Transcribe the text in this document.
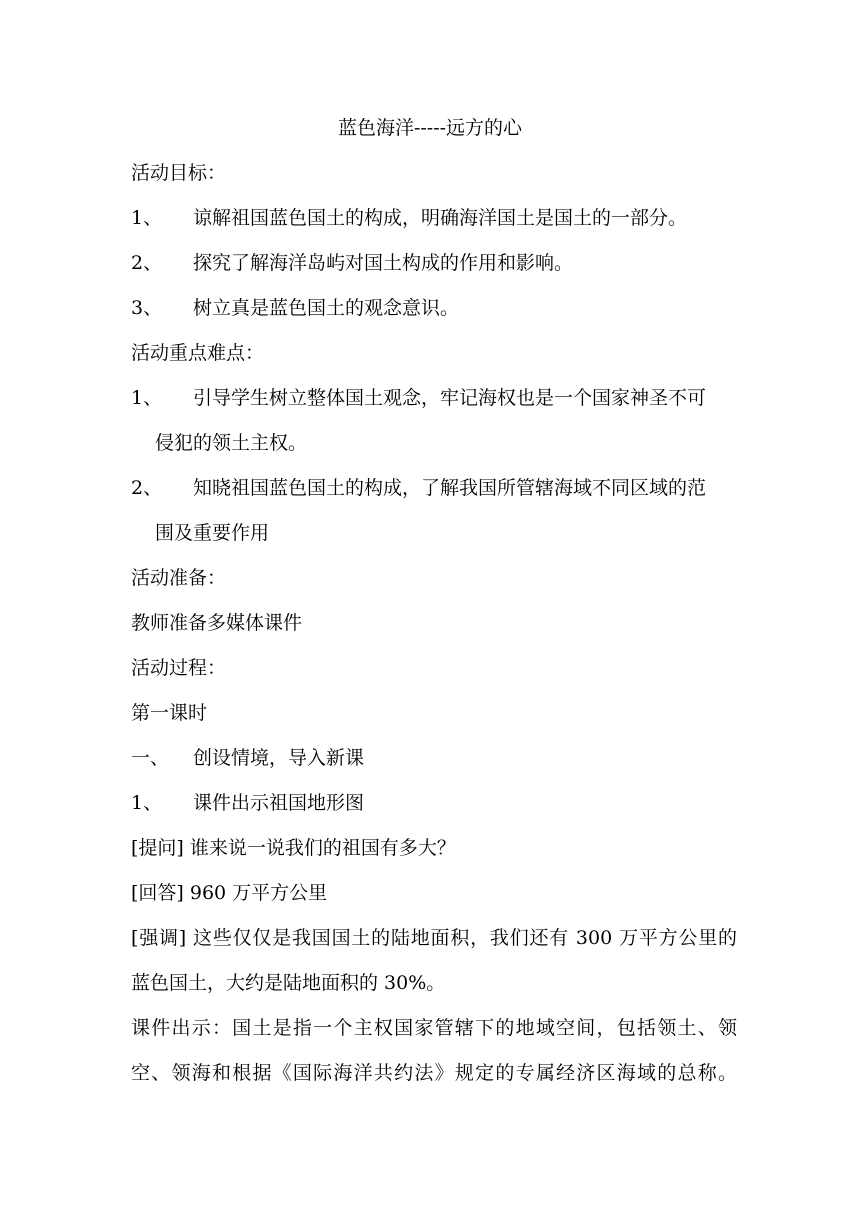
蓝色海洋-----远方的心
活动目标：
1、 谅解祖国蓝色国土的构成，明确海洋国土是国土的一部分。
2、 探究了解海洋岛屿对国土构成的作用和影响。
3、 树立真是蓝色国土的观念意识。
活动重点难点：
1、 引导学生树立整体国土观念，牢记海权也是一个国家神圣不可
侵犯的领土主权。
2、 知晓祖国蓝色国土的构成，了解我国所管辖海域不同区域的范
围及重要作用
活动准备：
教师准备多媒体课件
活动过程：
第一课时
一、 创设情境，导入新课
1、 课件出示祖国地形图
[提问] 谁来说一说我们的祖国有多大？
[回答] 960 万平方公里
[强调] 这些仅仅是我国国土的陆地面积，我们还有 300 万平方公里的
蓝色国土，大约是陆地面积的 30%。
课件出示：国土是指一个主权国家管辖下的地域空间，包括领土、领
空、领海和根据《国际海洋共约法》规定的专属经济区海域的总称。
